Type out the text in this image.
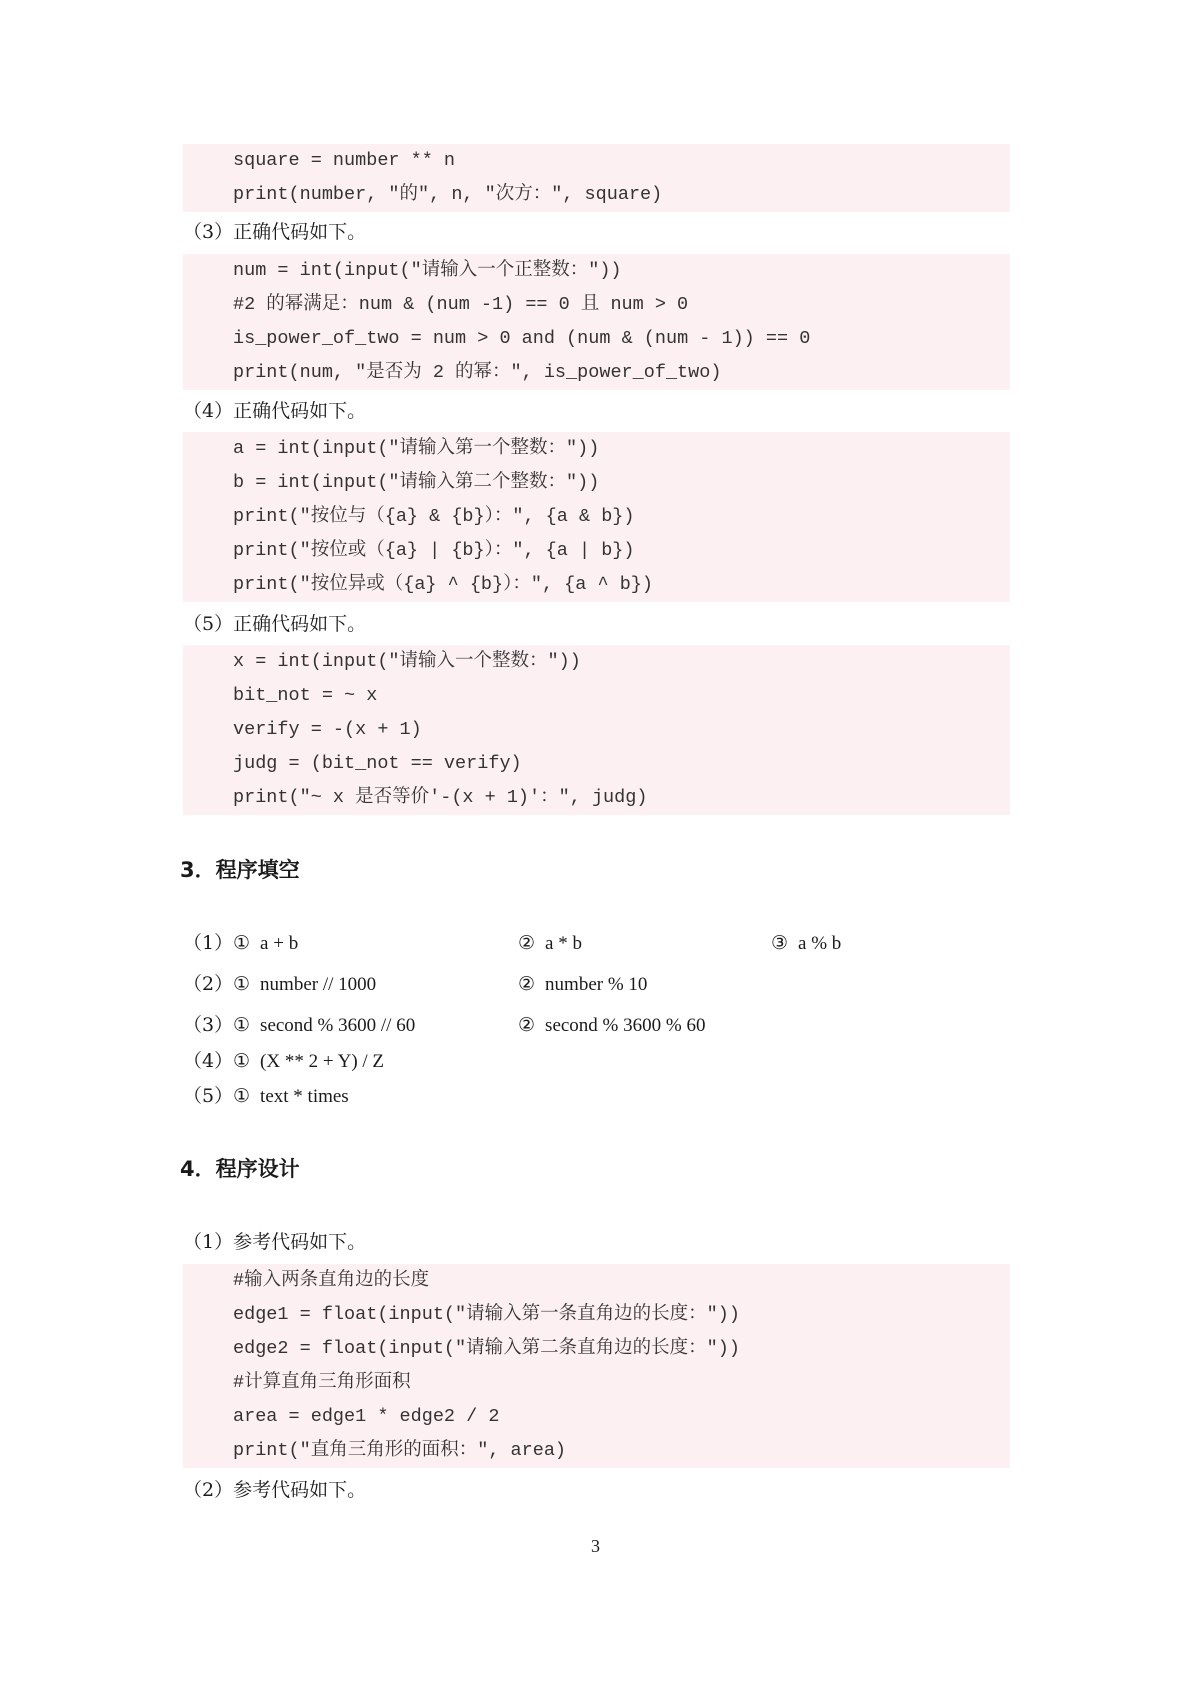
square = number ** n
print(number, "的", n, "次方：", square)
（3）正确代码如下。
num = int(input("请输入一个正整数："))
#2 的幂满足：num & (num -1) == 0 且 num > 0
is_power_of_two = num > 0 and (num & (num - 1)) == 0
print(num, "是否为 2 的幂：", is_power_of_two)
（4）正确代码如下。
a = int(input("请输入第一个整数："))
b = int(input("请输入第二个整数："))
print("按位与（{a} & {b}）：", {a & b})
print("按位或（{a} | {b}）：", {a | b})
print("按位异或（{a} ^ {b}）：", {a ^ b})
（5）正确代码如下。
x = int(input("请输入一个整数："))
bit_not = ~ x
verify = -(x + 1)
judg = (bit_not == verify)
print("~ x 是否等价'-(x + 1)'：", judg)
3．程序填空
（1） ① a + b	② a * b	③ a % b
（2） ① number // 1000	② number % 10
（3） ① second % 3600 // 60	② second % 3600 % 60
（4） ① (X ** 2 + Y) / Z
（5） ① text * times
4．程序设计
（1）参考代码如下。
#输入两条直角边的长度
edge1 = float(input("请输入第一条直角边的长度："))
edge2 = float(input("请输入第二条直角边的长度："))
#计算直角三角形面积
area = edge1 * edge2 / 2
print("直角三角形的面积：", area)
（2）参考代码如下。
3
